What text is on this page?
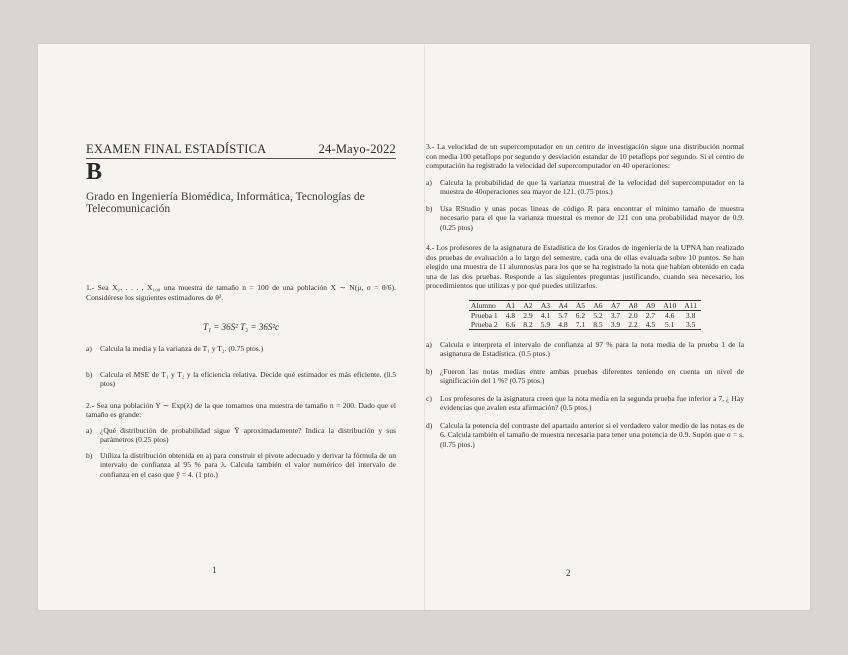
EXAMEN FINAL ESTADÍSTICA	24-Mayo-2022
B
Grado en Ingeniería Biomédica, Informática, Tecnologías de Telecomunicación
1.- Sea X₁, . . . , X₁₀₀ una muestra de tamaño n = 100 de una población X ∼ N(μ, σ = θ/6). Considérese los siguientes estimadores de θ².
T₁ = 36S² T₂ = 36S²c
a)	Calcula la media y la varianza de T₁ y T₂. (0.75 ptos.)
b)	Calcula el MSE de T₁ y T₂ y la eficiencia relativa. Decide qué estimador es más eficiente. (0.5 ptos)
2.- Sea una población Y ∼ Exp(λ) de la que tomamos una muestra de tamaño n = 200. Dado que el tamaño es grande:
a)	¿Qué distribución de probabilidad sigue Ȳ aproximadamente? Indica la distribución y sus parámetros (0.25 ptos)
b)	Utiliza la distribución obtenida en a) para construir el pivote adecuado y derivar la fórmula de un intervalo de confianza al 95 % para λ. Calcula también el valor numérico del intervalo de confianza en el caso que ȳ = 4. (1 pto.)
1
3.- La velocidad de un supercomputador en un centro de investigación sigue una distribución normal con media 100 petaflops por segundo y desviación estandar de 10 petaflops por segundo. Si el centro de computación ha registrado la velocidad del supercomputador en 40 operaciones:
a)	Calcula la probabilidad de que la varianza muestral de la velocidad del supercomputador en la muestra de 40operaciones sea mayor de 121. (0.75 ptos.)
b)	Usa RStudio y unas pocas líneas de código R para encontrar el mínimo tamaño de muestra necesario para el que la varianza muestral es menor de 121 con una probabilidad mayor de 0.9. (0.25 ptos)
4.- Los profesores de la asignatura de Estadística de los Grados de ingeniería de la UPNA han realizado dos pruebas de evaluación a lo largo del semestre, cada una de ellas evaluada sobre 10 puntos. Se han elegido una muestra de 11 alumnos/as para los que se ha registrado la nota que habían obtenido en cada una de las dos pruebas. Responde a las siguientes preguntas justificando, cuando sea necesario, los procedimientos que utilizas y por qué puedes utilizarlos.
Alumno	A1	A2	A3	A4	A5	A6	A7	A8	A9	A10	A11
Prueba 1	4.8	2.9	4.1	5.7	6.2	5.2	3.7	2.0	2.7	4.6	3.8
Prueba 2	6.6	8.2	5.9	4.8	7.1	8.5	3.9	2.2	4.5	5.1	3.5
a)	Calcula e interpreta el intervalo de confianza al 97 % para la nota media de la prueba 1 de la asignatura de Estadística. (0.5 ptos.)
b)	¿Fueron las notas medias entre ambas pruebas diferentes teniendo en cuenta un nivel de significación del 1 %? (0.75 ptos.)
c)	Los profesores de la asignatura creen que la nota media en la segunda prueba fue inferior a 7, ¿ Hay evidencias que avalen esta afirmación? (0.5 ptos.)
d)	Calcula la potencia del contraste del apartado anterior si el verdadero valor medio de las notas es de 6. Calcula también el tamaño de muestra necesaria para tener una potencia de 0.9. Supón que σ = s. (0.75 ptos.)
2
